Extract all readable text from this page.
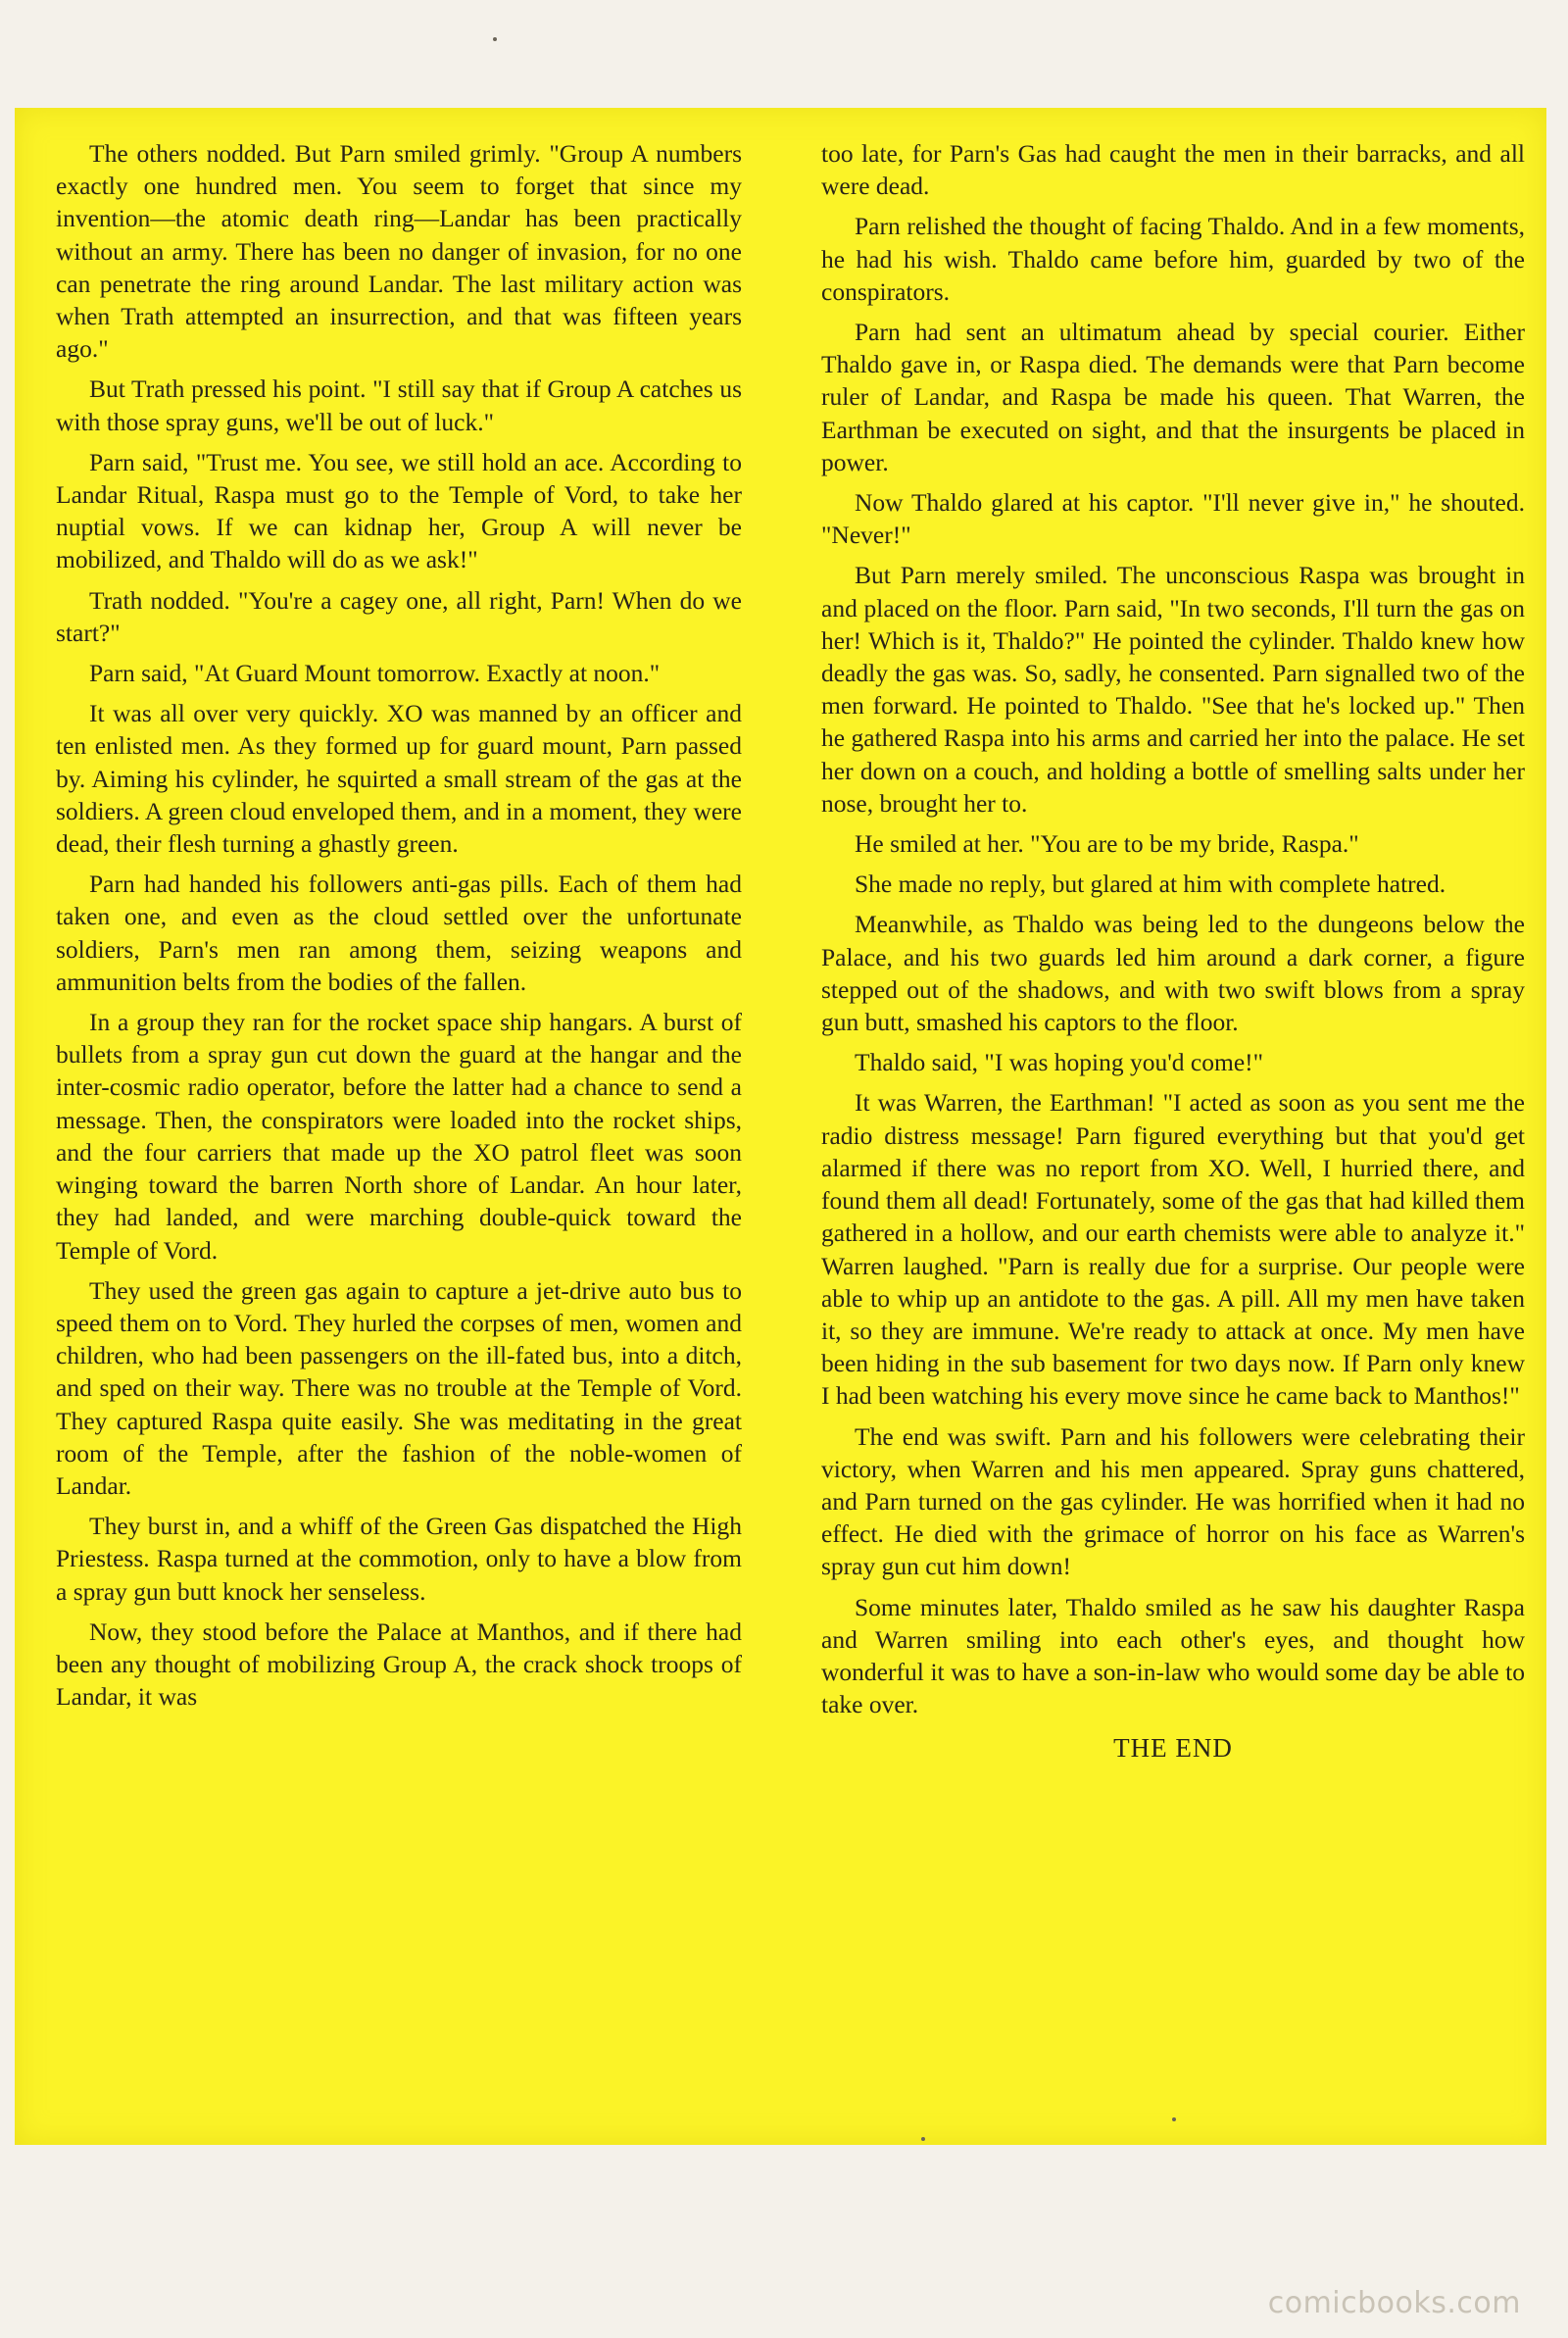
The others nodded. But Parn smiled grimly. "Group A numbers exactly one hundred men. You seem to forget that since my invention—the atomic death ring—Landar has been practically without an army. There has been no danger of invasion, for no one can penetrate the ring around Landar. The last military action was when Trath attempted an insurrection, and that was fifteen years ago."

But Trath pressed his point. "I still say that if Group A catches us with those spray guns, we'll be out of luck."

Parn said, "Trust me. You see, we still hold an ace. According to Landar Ritual, Raspa must go to the Temple of Vord, to take her nuptial vows. If we can kidnap her, Group A will never be mobilized, and Thaldo will do as we ask!"

Trath nodded. "You're a cagey one, all right, Parn! When do we start?"

Parn said, "At Guard Mount tomorrow. Exactly at noon."

It was all over very quickly. XO was manned by an officer and ten enlisted men. As they formed up for guard mount, Parn passed by. Aiming his cylinder, he squirted a small stream of the gas at the soldiers. A green cloud enveloped them, and in a moment, they were dead, their flesh turning a ghastly green.

Parn had handed his followers anti-gas pills. Each of them had taken one, and even as the cloud settled over the unfortunate soldiers, Parn's men ran among them, seizing weapons and ammunition belts from the bodies of the fallen.

In a group they ran for the rocket space ship hangars. A burst of bullets from a spray gun cut down the guard at the hangar and the inter-cosmic radio operator, before the latter had a chance to send a message. Then, the conspirators were loaded into the rocket ships, and the four carriers that made up the XO patrol fleet was soon winging toward the barren North shore of Landar. An hour later, they had landed, and were marching double-quick toward the Temple of Vord.

They used the green gas again to capture a jet-drive auto bus to speed them on to Vord. They hurled the corpses of men, women and children, who had been passengers on the ill-fated bus, into a ditch, and sped on their way. There was no trouble at the Temple of Vord. They captured Raspa quite easily. She was meditating in the great room of the Temple, after the fashion of the noble-women of Landar.

They burst in, and a whiff of the Green Gas dispatched the High Priestess. Raspa turned at the commotion, only to have a blow from a spray gun butt knock her senseless.

Now, they stood before the Palace at Manthos, and if there had been any thought of mobilizing Group A, the crack shock troops of Landar, it was

too late, for Parn's Gas had caught the men in their barracks, and all were dead.

Parn relished the thought of facing Thaldo. And in a few moments, he had his wish. Thaldo came before him, guarded by two of the conspirators.

Parn had sent an ultimatum ahead by special courier. Either Thaldo gave in, or Raspa died. The demands were that Parn become ruler of Landar, and Raspa be made his queen. That Warren, the Earthman be executed on sight, and that the insurgents be placed in power.

Now Thaldo glared at his captor. "I'll never give in," he shouted. "Never!"

But Parn merely smiled. The unconscious Raspa was brought in and placed on the floor. Parn said, "In two seconds, I'll turn the gas on her! Which is it, Thaldo?" He pointed the cylinder. Thaldo knew how deadly the gas was. So, sadly, he consented. Parn signalled two of the men forward. He pointed to Thaldo. "See that he's locked up." Then he gathered Raspa into his arms and carried her into the palace. He set her down on a couch, and holding a bottle of smelling salts under her nose, brought her to.

He smiled at her. "You are to be my bride, Raspa."

She made no reply, but glared at him with complete hatred.

Meanwhile, as Thaldo was being led to the dungeons below the Palace, and his two guards led him around a dark corner, a figure stepped out of the shadows, and with two swift blows from a spray gun butt, smashed his captors to the floor.

Thaldo said, "I was hoping you'd come!"

It was Warren, the Earthman! "I acted as soon as you sent me the radio distress message! Parn figured everything but that you'd get alarmed if there was no report from XO. Well, I hurried there, and found them all dead! Fortunately, some of the gas that had killed them gathered in a hollow, and our earth chemists were able to analyze it." Warren laughed. "Parn is really due for a surprise. Our people were able to whip up an antidote to the gas. A pill. All my men have taken it, so they are immune. We're ready to attack at once. My men have been hiding in the sub basement for two days now. If Parn only knew I had been watching his every move since he came back to Manthos!"

The end was swift. Parn and his followers were celebrating their victory, when Warren and his men appeared. Spray guns chattered, and Parn turned on the gas cylinder. He was horrified when it had no effect. He died with the grimace of horror on his face as Warren's spray gun cut him down!

Some minutes later, Thaldo smiled as he saw his daughter Raspa and Warren smiling into each other's eyes, and thought how wonderful it was to have a son-in-law who would some day be able to take over.

THE END
comicbooks.com
